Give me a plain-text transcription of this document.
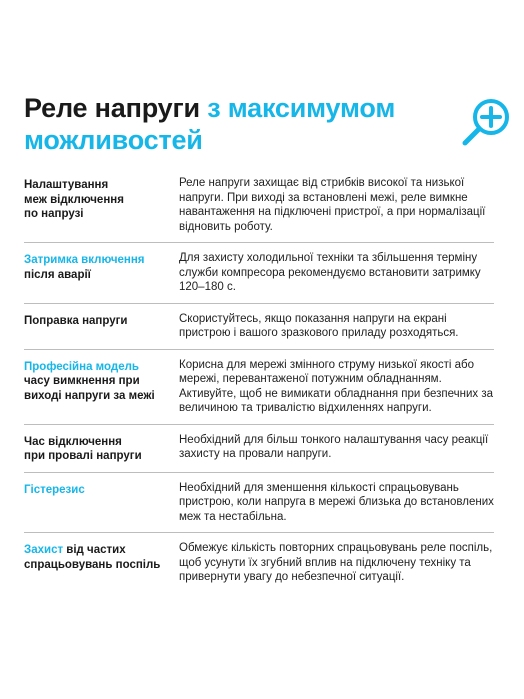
Реле напруги з максимумом
можливостей
Налаштування
меж відключення
по напрузі
Реле напруги захищає від стрибків високої та низької напруги. При виході за встановлені межі, реле вимкне навантаження на підключені пристрої, а при нормалізації відновить роботу.
Затримка включення
після аварії
Для захисту холодильної техніки та збільшення терміну служби компресора рекомендуємо встановити затримку 120–180 с.
Поправка напруги	Скористуйтесь, якщо показання напруги на екрані пристрою і вашого зразкового приладу розходяться.
Професійна модель
часу вимкнення при
виході напруги за межі
Корисна для мережі змінного струму низької якості або мережі, перевантаженої потужним обладнанням. Активуйте, щоб не вимикати обладнання при безпечних за величиною та тривалістю відхиленнях напруги.
Час відключення
при провалі напруги
Необхідний для більш тонкого налаштування часу реакції захисту на провали напруги.
Гістерезис	Необхідний для зменшення кількості спрацьовувань пристрою, коли напруга в мережі близька до встановлених меж та нестабільна.
Захист від частих
спрацьовувань поспіль
Обмежує кількість повторних спрацьовувань реле поспіль, щоб усунути їх згубний вплив на підключену техніку та привернути увагу до небезпечної ситуації.
